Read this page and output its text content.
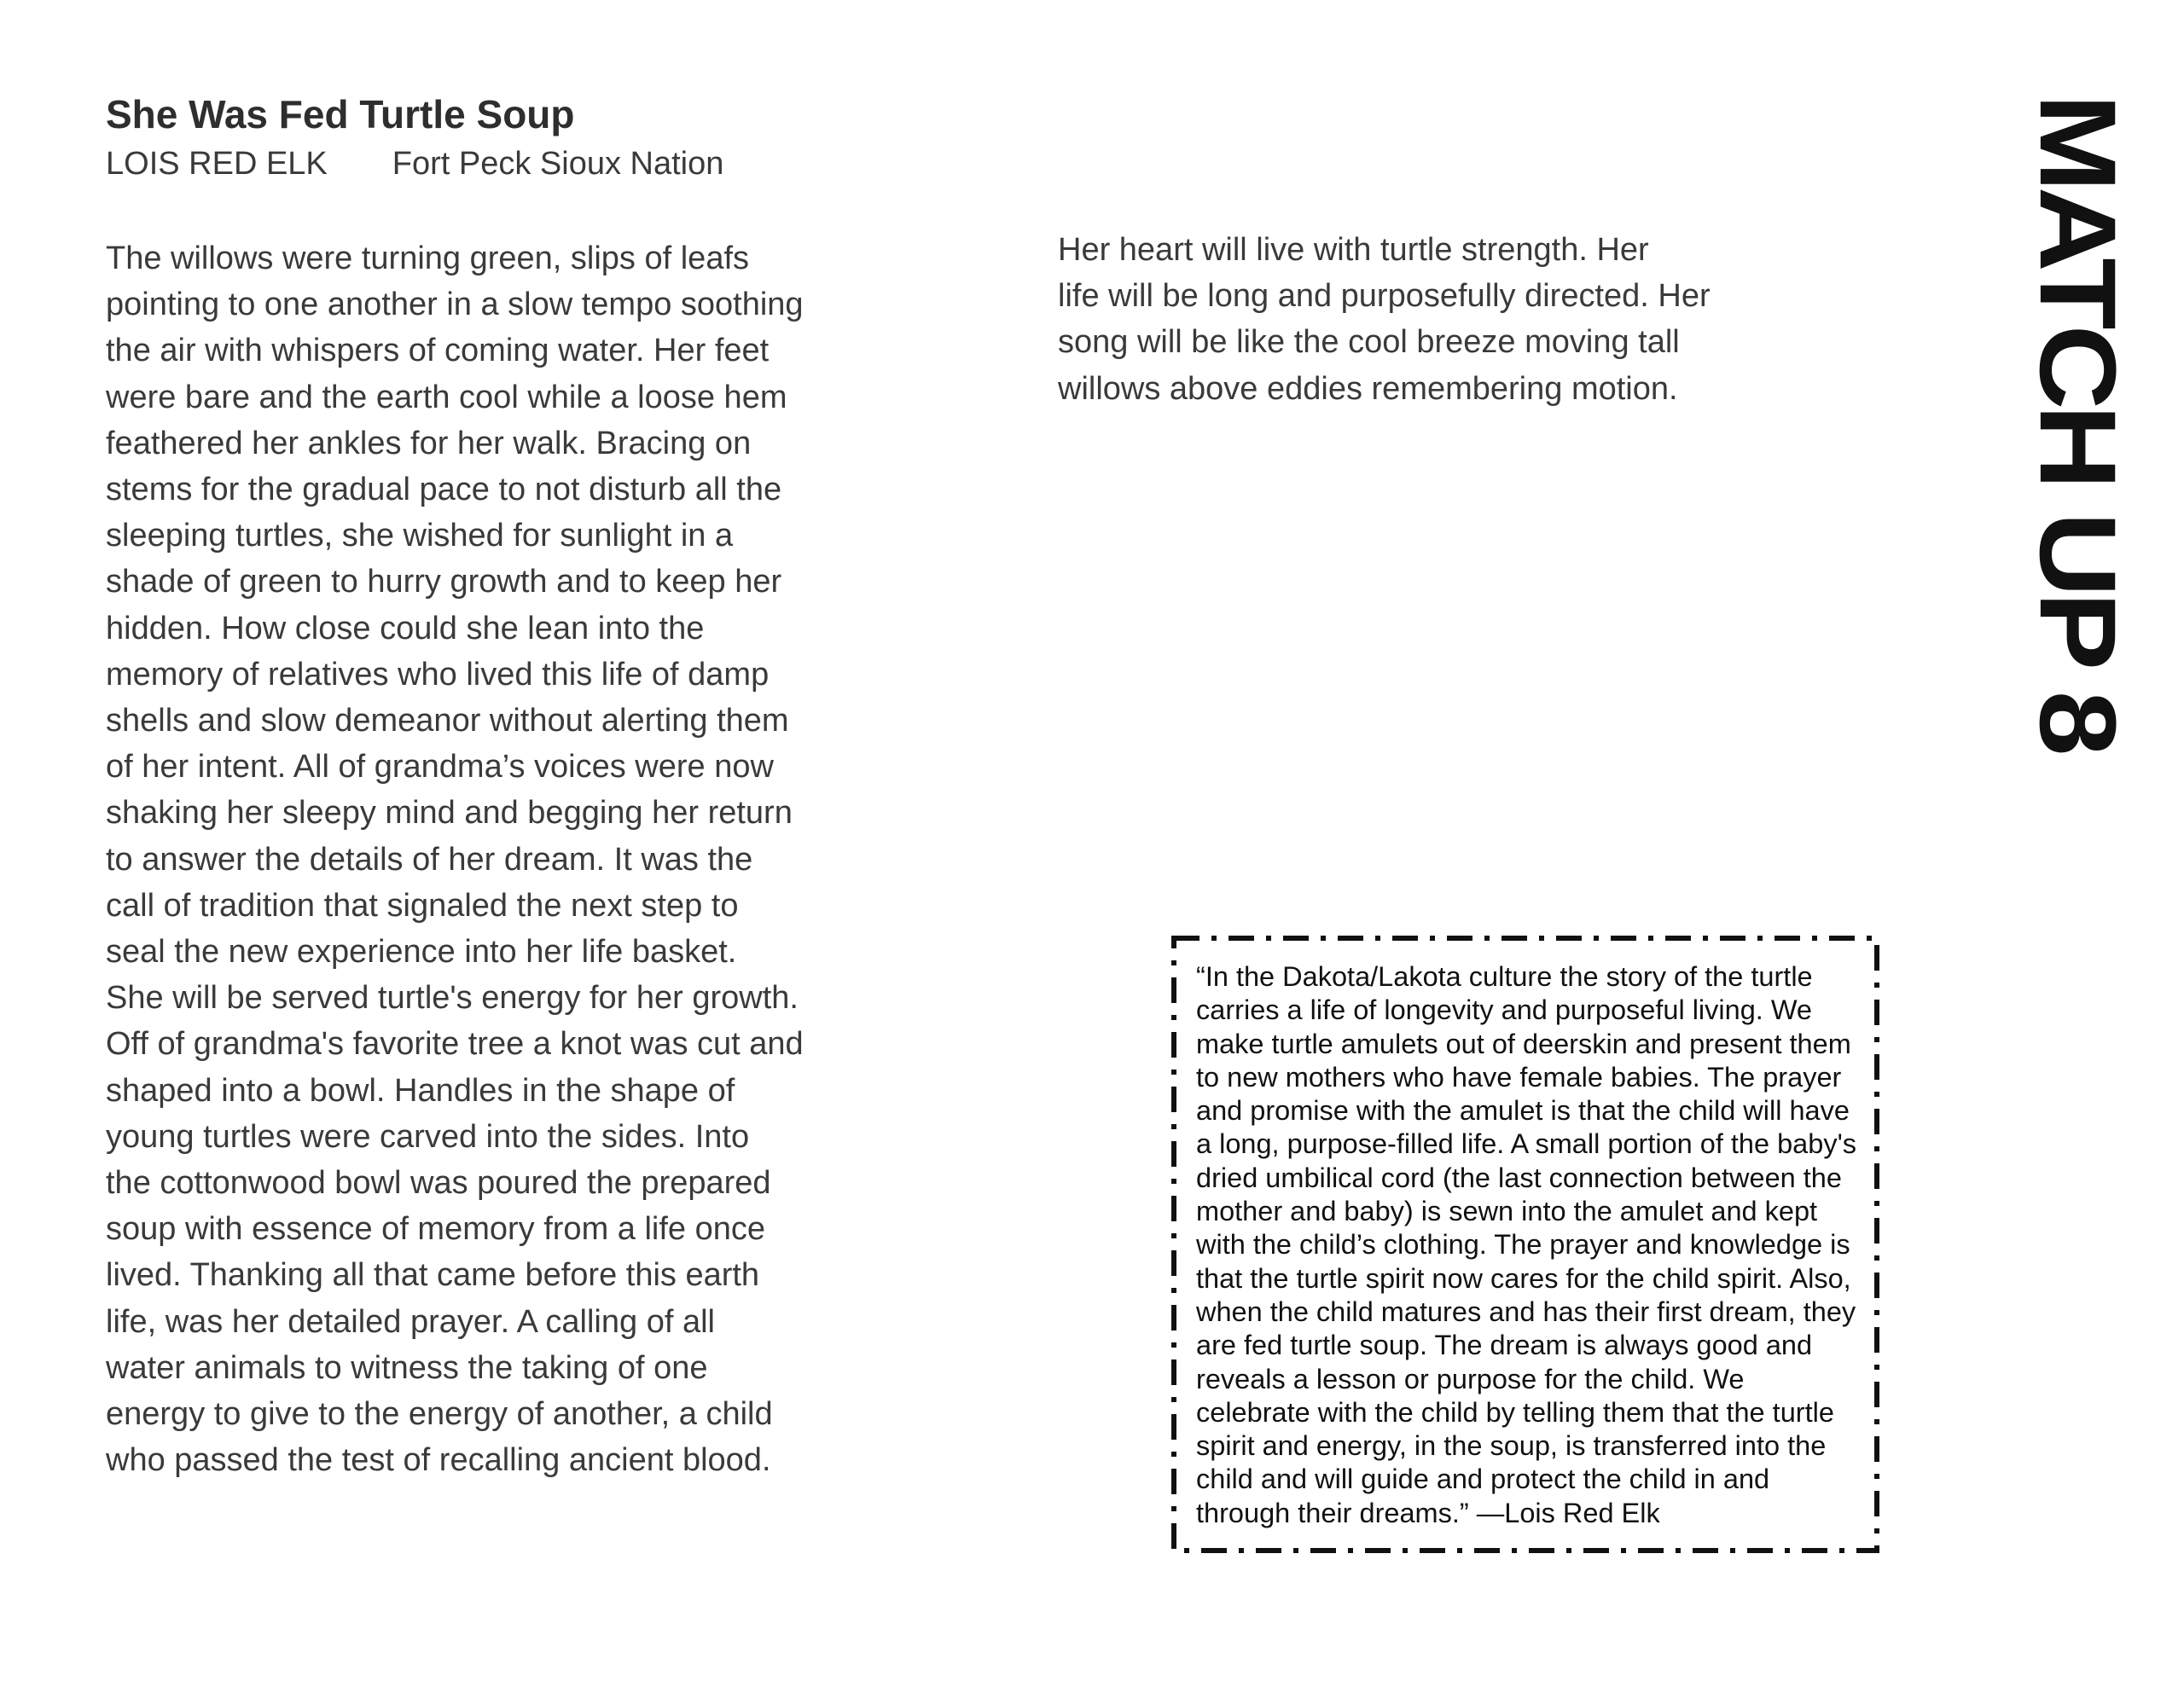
She Was Fed Turtle Soup
LOIS RED ELK Fort Peck Sioux Nation
The willows were turning green, slips of leafs
pointing to one another in a slow tempo soothing
the air with whispers of coming water. Her feet
were bare and the earth cool while a loose hem
feathered her ankles for her walk. Bracing on
stems for the gradual pace to not disturb all the
sleeping turtles, she wished for sunlight in a
shade of green to hurry growth and to keep her
hidden. How close could she lean into the
memory of relatives who lived this life of damp
shells and slow demeanor without alerting them
of her intent. All of grandma’s voices were now
shaking her sleepy mind and begging her return
to answer the details of her dream. It was the
call of tradition that signaled the next step to
seal the new experience into her life basket.
She will be served turtle's energy for her growth.
Off of grandma's favorite tree a knot was cut and
shaped into a bowl. Handles in the shape of
young turtles were carved into the sides. Into
the cottonwood bowl was poured the prepared
soup with essence of memory from a life once
lived. Thanking all that came before this earth
life, was her detailed prayer. A calling of all
water animals to witness the taking of one
energy to give to the energy of another, a child
who passed the test of recalling ancient blood.
Her heart will live with turtle strength. Her
life will be long and purposefully directed. Her
song will be like the cool breeze moving tall
willows above eddies remembering motion.	MATCH UP 8
“In the Dakota/Lakota culture the story of the turtle
carries a life of longevity and purposeful living. We
make turtle amulets out of deerskin and present them
to new mothers who have female babies. The prayer
and promise with the amulet is that the child will have
a long, purpose-filled life. A small portion of the baby's
dried umbilical cord (the last connection between the
mother and baby) is sewn into the amulet and kept
with the child’s clothing. The prayer and knowledge is
that the turtle spirit now cares for the child spirit. Also,
when the child matures and has their first dream, they
are fed turtle soup. The dream is always good and
reveals a lesson or purpose for the child. We
celebrate with the child by telling them that the turtle
spirit and energy, in the soup, is transferred into the
child and will guide and protect the child in and
through their dreams.” —Lois Red Elk
